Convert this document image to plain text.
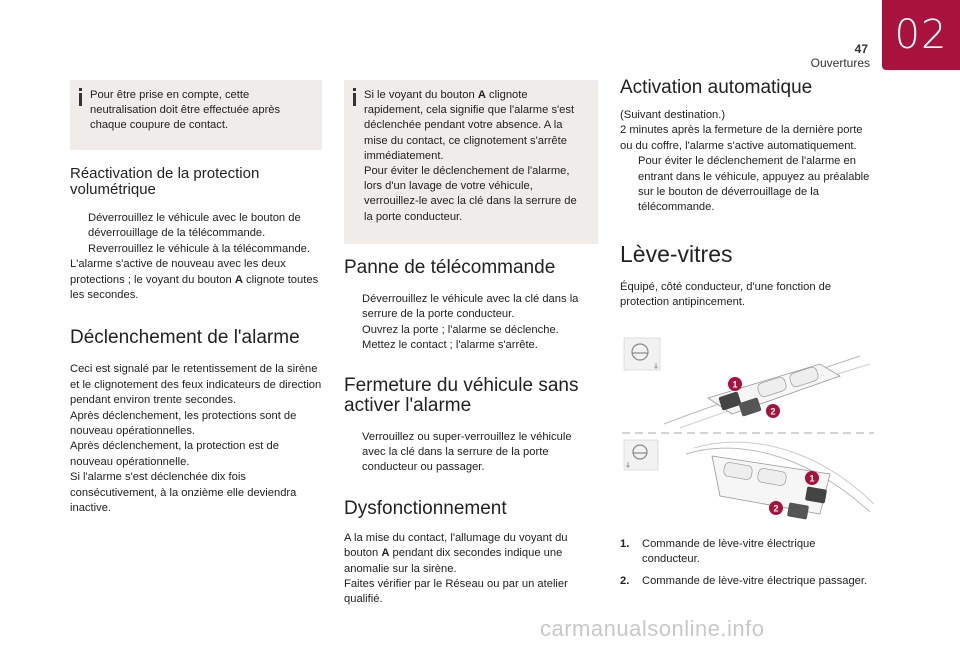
47
Ouvertures
02
Pour être prise en compte, cette neutralisation doit être effectuée après chaque coupure de contact.
Réactivation de la protection volumétrique
Déverrouillez le véhicule avec le bouton de déverrouillage de la télécommande.
Reverrouillez le véhicule à la télécommande.

L'alarme s'active de nouveau avec les deux protections ; le voyant du bouton A clignote toutes les secondes.

Déclenchement de l'alarme

Ceci est signalé par le retentissement de la sirène et le clignotement des feux indicateurs de direction pendant environ trente secondes.
Après déclenchement, les protections sont de nouveau opérationnelles.
Après déclenchement, la protection est de nouveau opérationnelle.
Si l'alarme s'est déclenchée dix fois consécutivement, à la onzième elle deviendra inactive.

Si le voyant du bouton A clignote rapidement, cela signifie que l'alarme s'est déclenchée pendant votre absence. A la mise du contact, ce clignotement s'arrête immédiatement.
Pour éviter le déclenchement de l'alarme, lors d'un lavage de votre véhicule, verrouillez-le avec la clé dans la serrure de la porte conducteur.
Panne de télécommande
Déverrouillez le véhicule avec la clé dans la serrure de la porte conducteur.
Ouvrez la porte ; l'alarme se déclenche.
Mettez le contact ; l'alarme s'arrête.
Fermeture du véhicule sans activer l'alarme
Verrouillez ou super-verrouillez le véhicule avec la clé dans la serrure de la porte conducteur ou passager.
Dysfonctionnement

A la mise du contact, l'allumage du voyant du bouton A pendant dix secondes indique une anomalie sur la sirène.
Faites vérifier par le Réseau ou par un atelier qualifié.

Activation automatique

(Suivant destination.)
2 minutes après la fermeture de la dernière porte ou du coffre, l'alarme s'active automatiquement.

Pour éviter le déclenchement de l'alarme en entrant dans le véhicule, appuyez au préalable sur le bouton de déverrouillage de la télécommande.
Lève-vitres

Équipé, côté conducteur, d'une fonction de protection antipincement.

1
2
1
2
1. Commande de lève-vitre électrique conducteur.
2. Commande de lève-vitre électrique passager.
carmanualsonline.info
